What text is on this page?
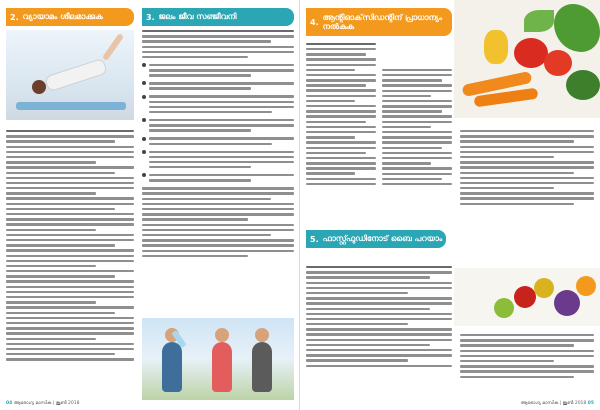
2. വ്യായാമം ശീലമാക്കുക	3. ജലം ജീവ സഞ്ജീവനി
04 ആരോഗ്യ മാസിക | ജൂൺ 2018
4. ആന്റിഓക്‌സിഡന്റിന് പ്രാധാന്യം നൽകുക
5. ഫാസ്റ്റ്ഫുഡിനോട് ബൈ പറയാം
ആരോഗ്യ മാസിക | ജൂൺ 2018 05
